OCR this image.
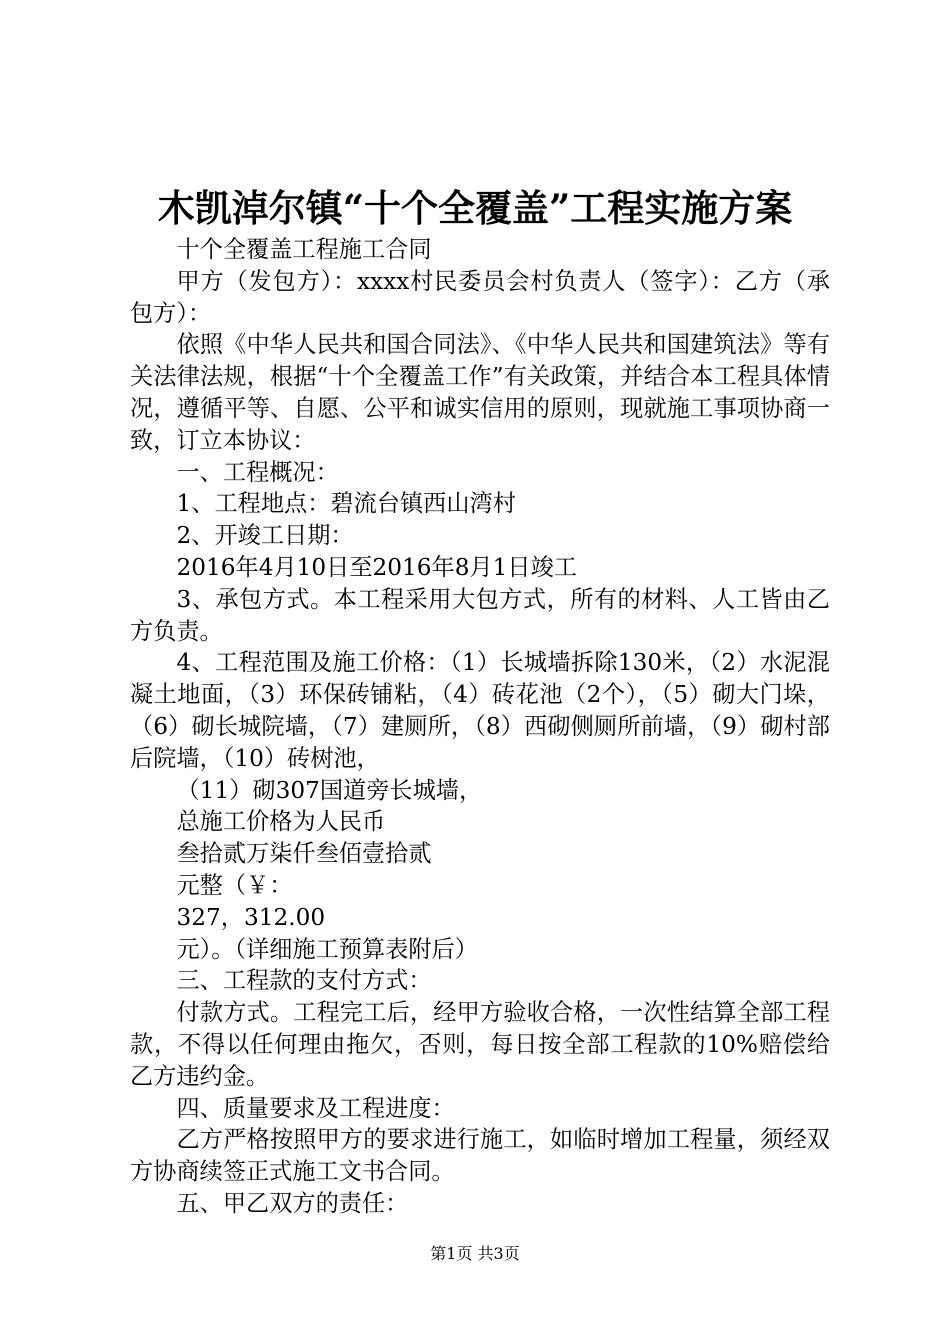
木凯淖尔镇“十个全覆盖”工程实施方案

十个全覆盖工程施工合同

甲方（发包方）：xxxx村民委员会村负责人（签字）：乙方（承包方）：

依照《中华人民共和国合同法》、《中华人民共和国建筑法》等有关法律法规，根据“十个全覆盖工作”有关政策，并结合本工程具体情况，遵循平等、自愿、公平和诚实信用的原则，现就施工事项协商一致，订立本协议：

一、工程概况：

1、工程地点：碧流台镇西山湾村

2、开竣工日期：

2016年4月10日至2016年8月1日竣工

3、承包方式。本工程采用大包方式，所有的材料、人工皆由乙方负责。

4、工程范围及施工价格：（1）长城墙拆除130米，（2）水泥混凝土地面，（3）环保砖铺粘，（4）砖花池（2个），（5）砌大门垛，（6）砌长城院墙，（7）建厕所，（8）西砌侧厕所前墙，（9）砌村部后院墙，（10）砖树池，

（11）砌307国道旁长城墙，

总施工价格为人民币

叁拾贰万柒仟叁佰壹拾贰

元整（￥：

327，312.00

元）。（详细施工预算表附后）

三、工程款的支付方式：

付款方式。工程完工后，经甲方验收合格，一次性结算全部工程款，不得以任何理由拖欠，否则，每日按全部工程款的10%赔偿给乙方违约金。

四、质量要求及工程进度：

乙方严格按照甲方的要求进行施工，如临时增加工程量，须经双方协商续签正式施工文书合同。

五、甲乙双方的责任：

第1页 共3页
